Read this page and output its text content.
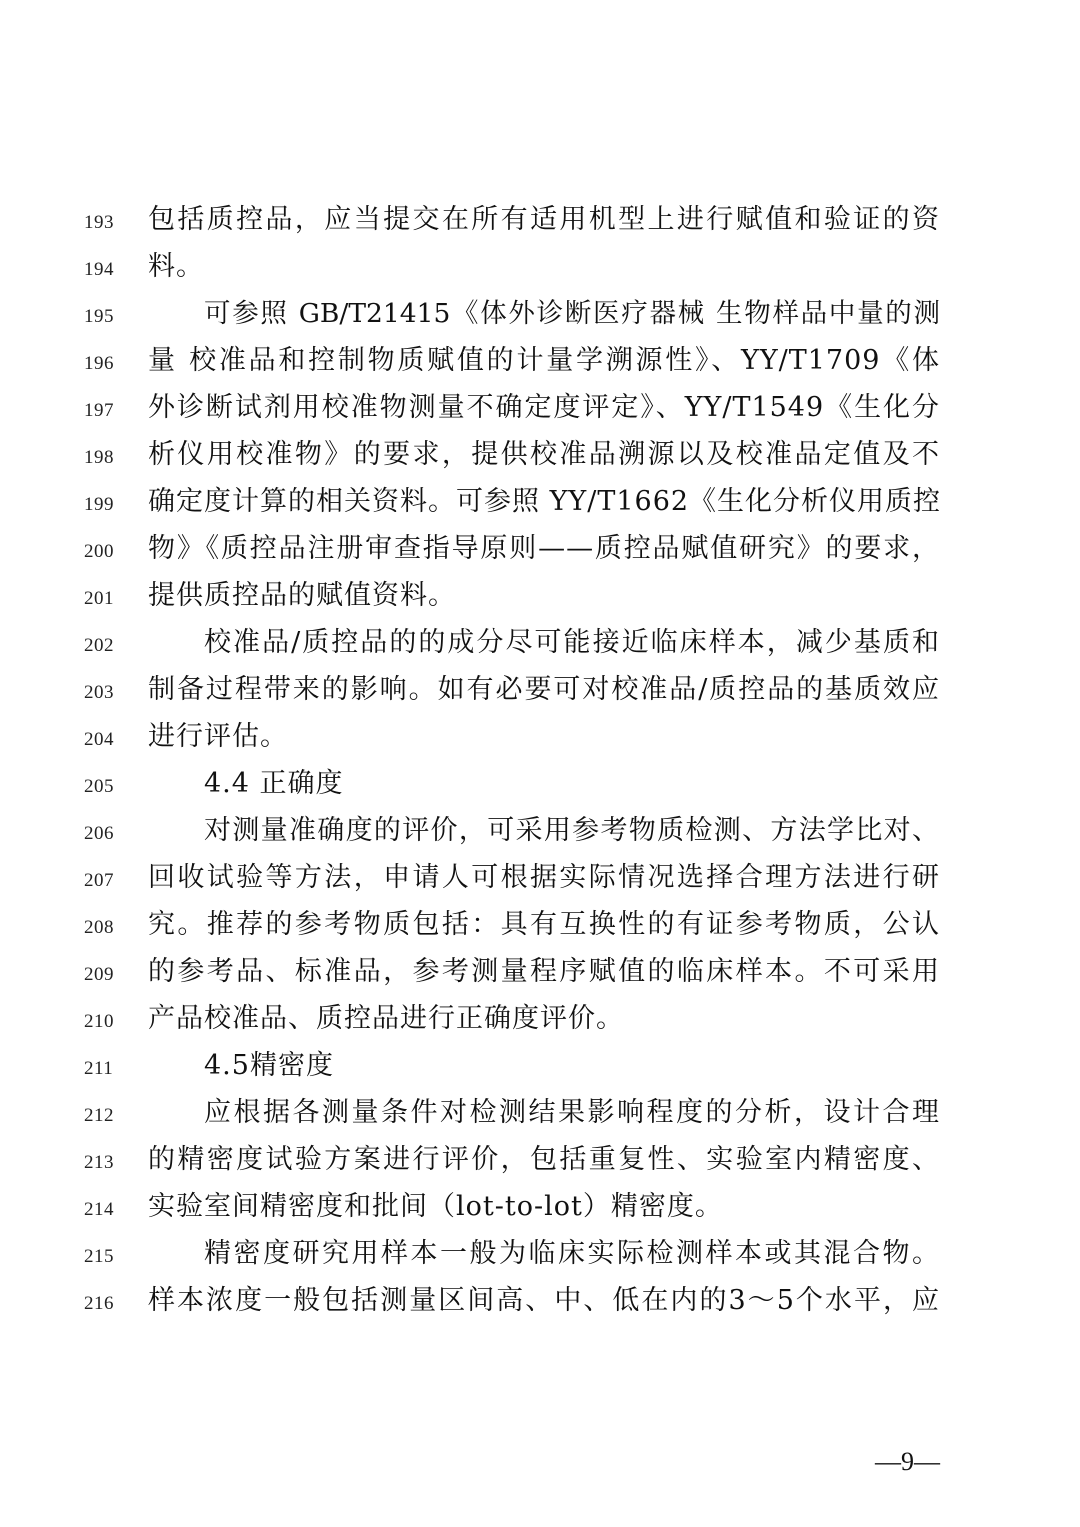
193	包括质控品，应当提交在所有适用机型上进行赋值和验证的资
194	料。
195	可参照 GB/T21415《体外诊断医疗器械 生物样品中量的测
196	量 校准品和控制物质赋值的计量学溯源性》、YY/T1709《体
197	外诊断试剂用校准物测量不确定度评定》、YY/T1549《生化分
198	析仪用校准物》的要求，提供校准品溯源以及校准品定值及不
199	确定度计算的相关资料。可参照 YY/T1662《生化分析仪用质控
200	物》《质控品注册审查指导原则——质控品赋值研究》的要求，
201	提供质控品的赋值资料。
202	校准品/质控品的的成分尽可能接近临床样本，减少基质和
203	制备过程带来的影响。如有必要可对校准品/质控品的基质效应
204	进行评估。
205	4.4 正确度
206	对测量准确度的评价，可采用参考物质检测、方法学比对、
207	回收试验等方法，申请人可根据实际情况选择合理方法进行研
208	究。推荐的参考物质包括：具有互换性的有证参考物质，公认
209	的参考品、标准品，参考测量程序赋值的临床样本。不可采用
210	产品校准品、质控品进行正确度评价。
211	4.5精密度
212	应根据各测量条件对检测结果影响程度的分析，设计合理
213	的精密度试验方案进行评价，包括重复性、实验室内精密度、
214	实验室间精密度和批间（lot-to-lot）精密度。
215	精密度研究用样本一般为临床实际检测样本或其混合物。
216	样本浓度一般包括测量区间高、中、低在内的3～5个水平，应
—9—
